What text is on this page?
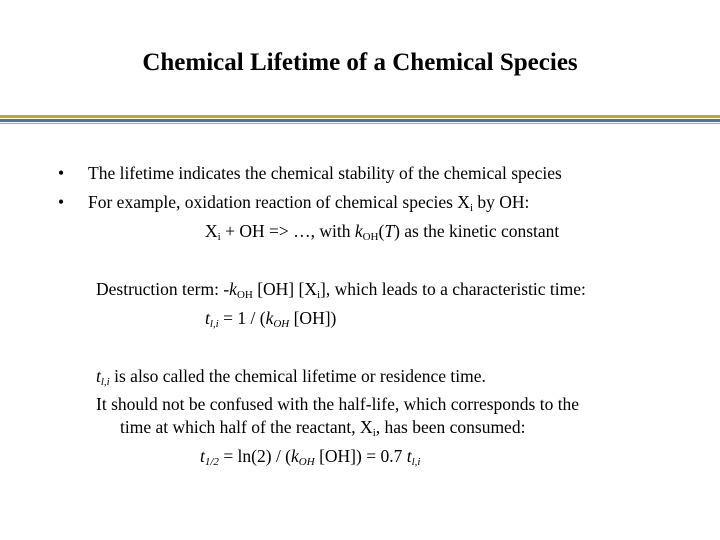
Chemical Lifetime of a Chemical Species
• The lifetime indicates the chemical stability of the chemical species
• For example, oxidation reaction of chemical species $X_i$ by OH:
$X_i$ + OH => …, with $k_{OH}(T)$ as the kinetic constant
Destruction term: $-k_{OH}$ [OH] $[X_i]$, which leads to a characteristic time:
$t_{l,i} = 1 / (k_{OH}$ [OH])
$t_{l,i}$ is also called the chemical lifetime or residence time.
It should not be confused with the half-life, which corresponds to the
time at which half of the reactant, $X_i$, has been consumed:
$t_{1/2} = \ln(2) / (k_{OH}$ [OH]) = 0.7 $t_{l,i}$
